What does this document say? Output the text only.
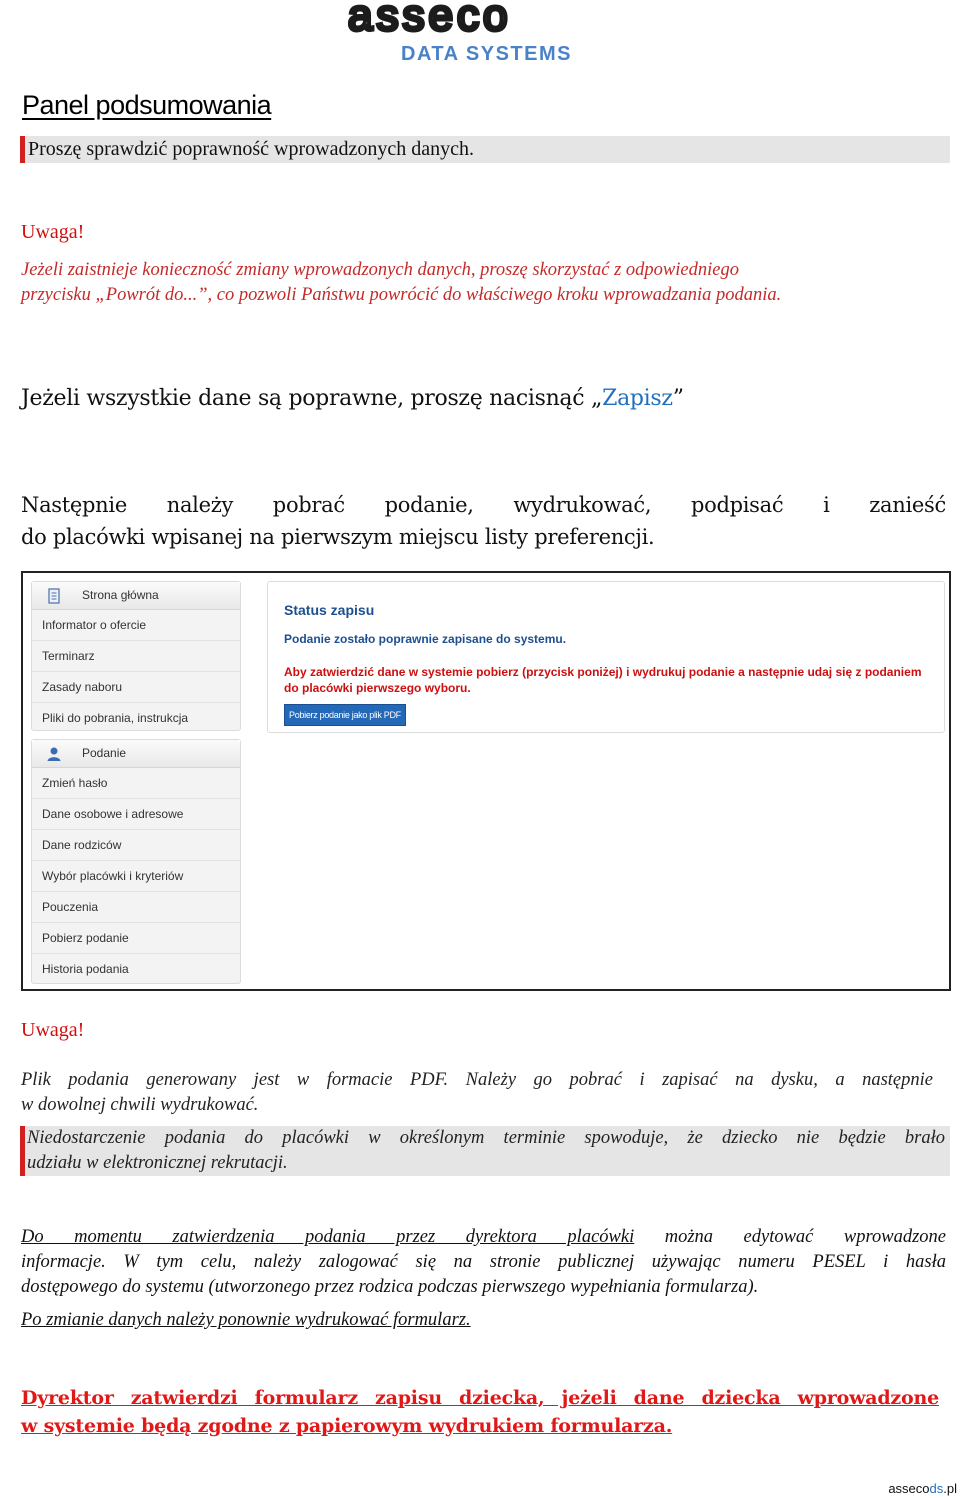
asseco
DATA SYSTEMS
Panel podsumowania
Proszę sprawdzić poprawność wprowadzonych danych.
Uwaga!
Jeżeli zaistnieje konieczność zmiany wprowadzonych danych, proszę skorzystać z odpowiedniego
przycisku „Powrót do...”, co pozwoli Państwu powrócić do właściwego kroku wprowadzania podania.
Jeżeli wszystkie dane są poprawne, proszę nacisnąć „Zapisz”
Następnie należy pobrać podanie, wydrukować, podpisać i zanieść
do placówki wpisanej na pierwszym miejscu listy preferencji.
Strona główna
Informator o ofercie
Terminarz
Zasady naboru
Pliki do pobrania, instrukcja
Podanie
Zmień hasło
Dane osobowe i adresowe
Dane rodziców
Wybór placówki i kryteriów
Pouczenia
Pobierz podanie
Historia podania
Status zapisu
Podanie zostało poprawnie zapisane do systemu.
Aby zatwierdzić dane w systemie pobierz (przycisk poniżej) i wydrukuj podanie a następnie udaj się z podaniem do placówki pierwszego wyboru.
Pobierz podanie jako plik PDF
Uwaga!
Plik podania generowany jest w formacie PDF. Należy go pobrać i zapisać na dysku, a następnie
w dowolnej chwili wydrukować.

Niedostarczenie podania do placówki w określonym terminie spowoduje, że dziecko nie będzie brało
udziału w elektronicznej rekrutacji.

Do momentu zatwierdzenia podania przez dyrektora placówki można edytować wprowadzone
informacje. W tym celu, należy zalogować się na stronie publicznej używając numeru PESEL i hasła
dostępowego do systemu (utworzonego przez rodzica podczas pierwszego wypełniania formularza).
Po zmianie danych należy ponownie wydrukować formularz.
Dyrektor zatwierdzi formularz zapisu dziecka, jeżeli dane dziecka wprowadzone
w systemie będą zgodne z papierowym wydrukiem formularza.
assecods.pl
